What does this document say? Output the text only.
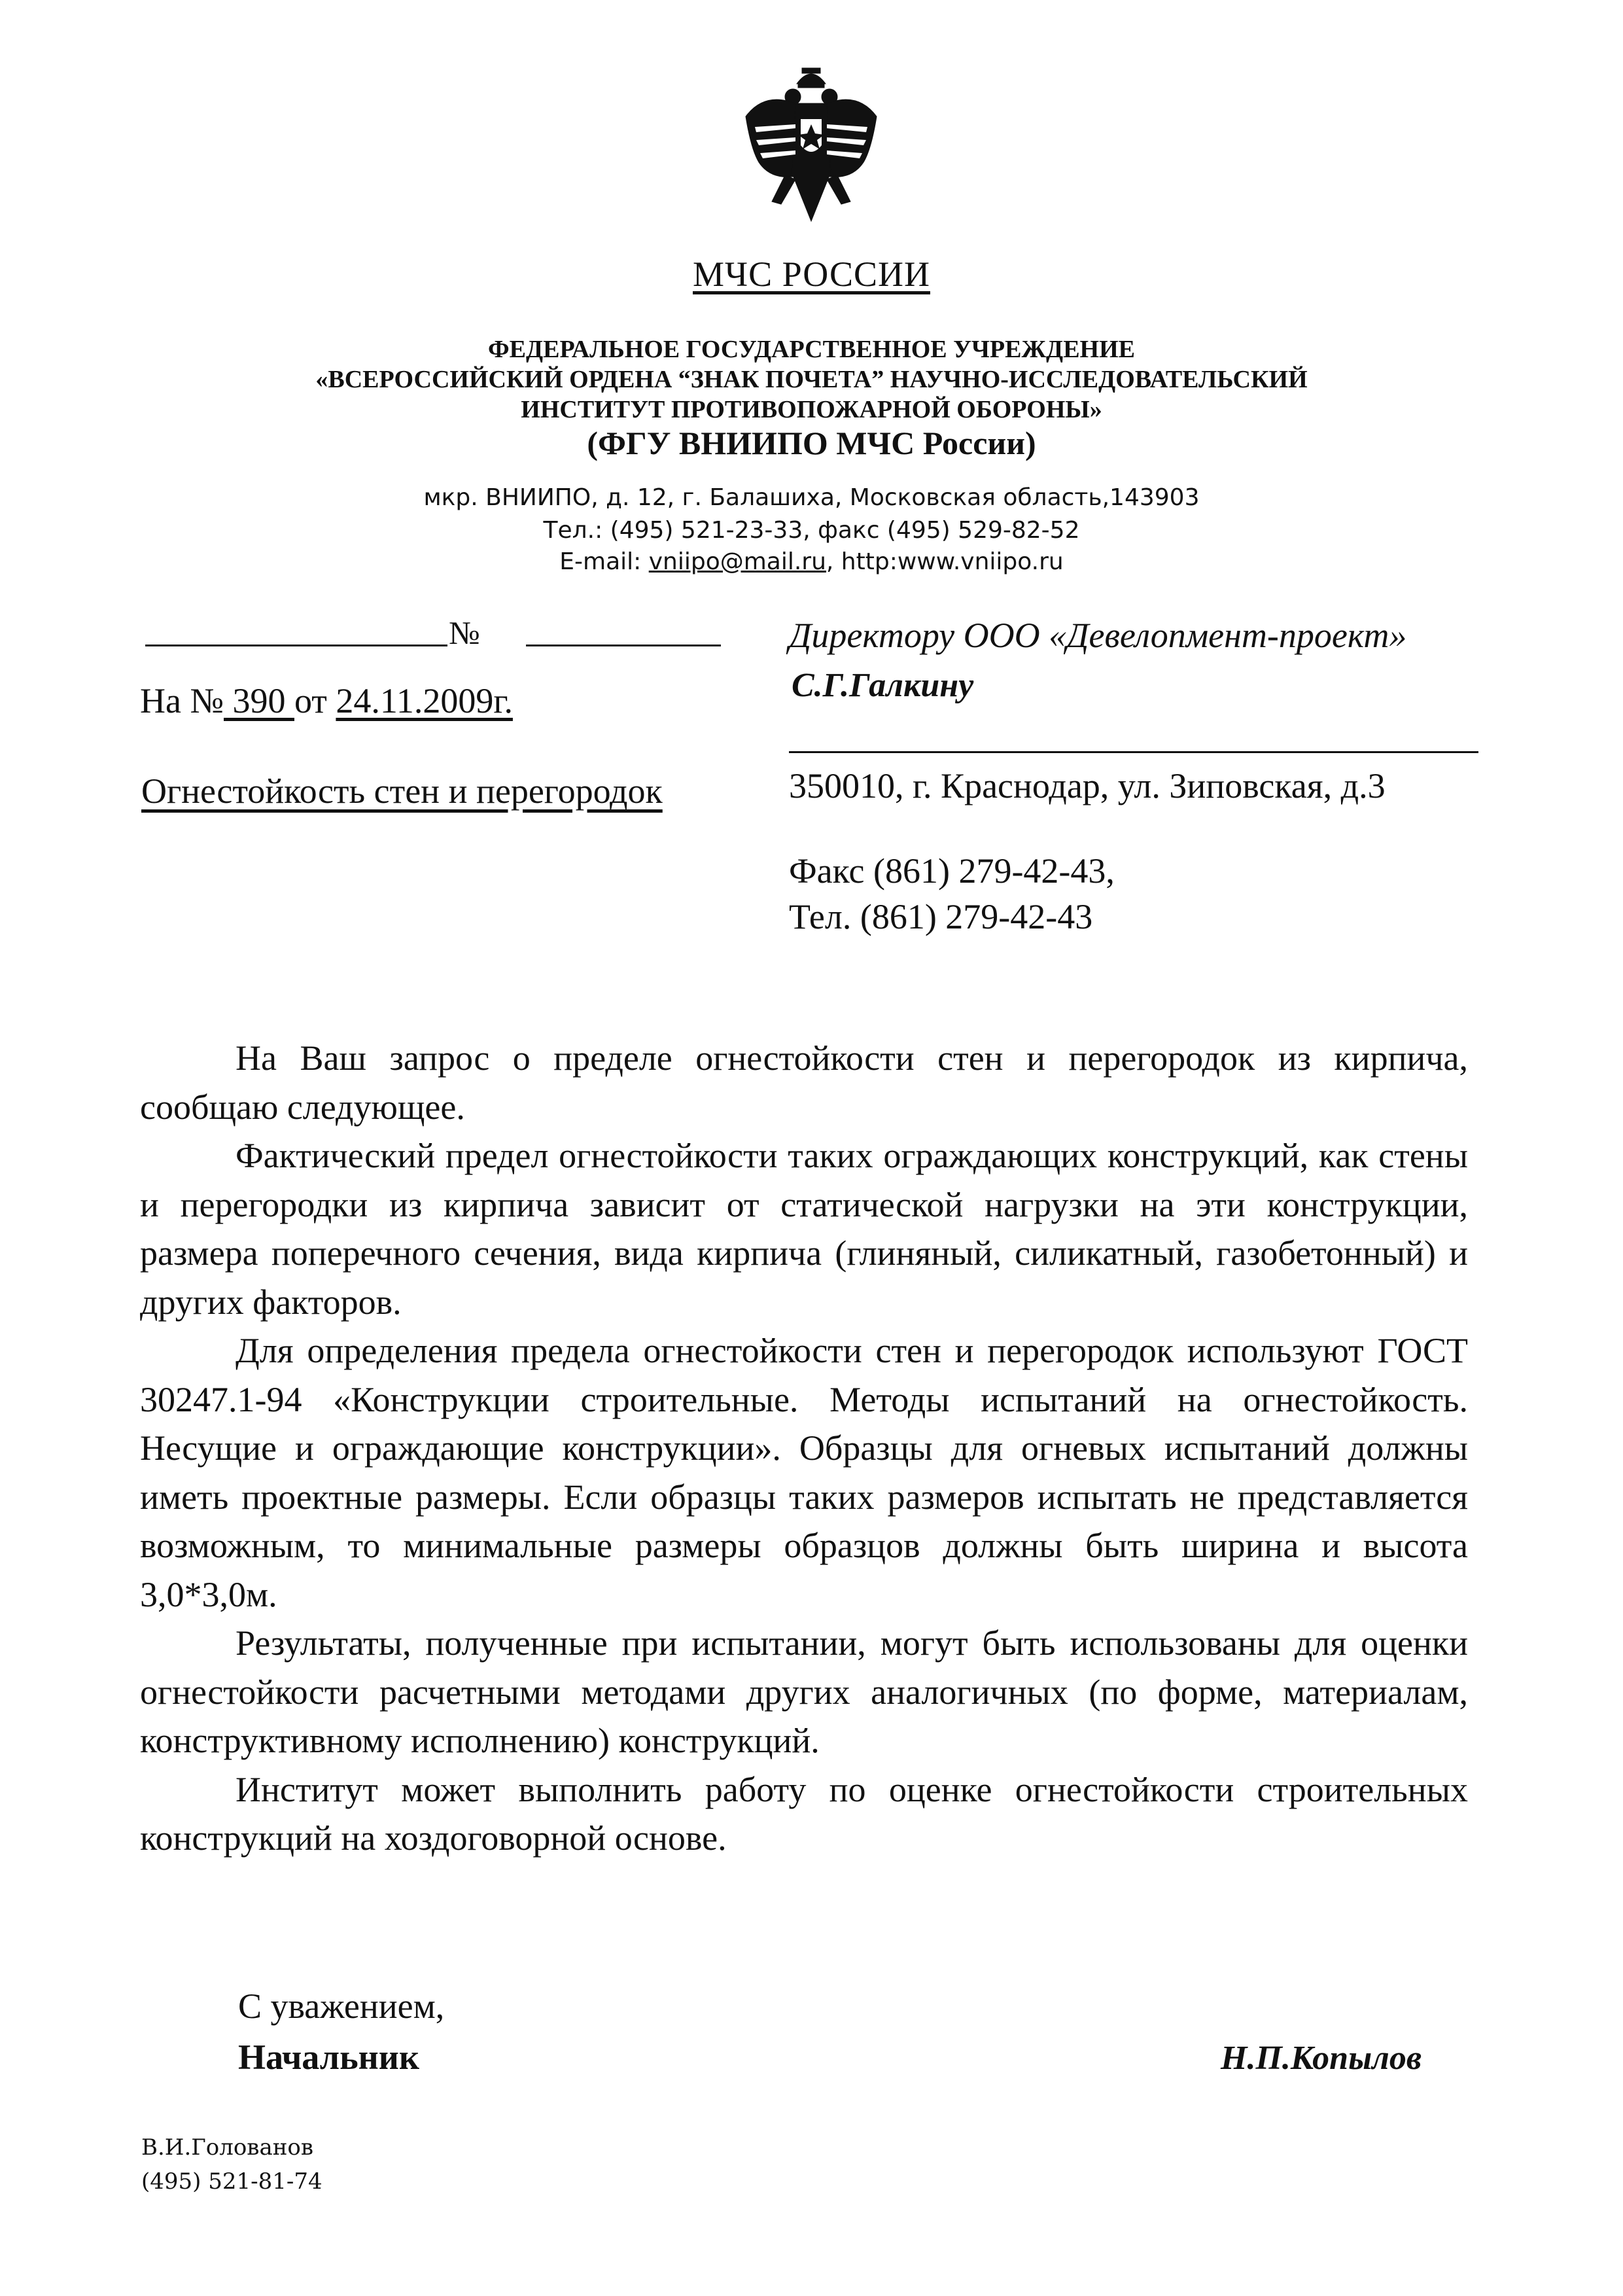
МЧС РОССИИ
ФЕДЕРАЛЬНОЕ ГОСУДАРСТВЕННОЕ УЧРЕЖДЕНИЕ
«ВСЕРОССИЙСКИЙ ОРДЕНА “ЗНАК ПОЧЕТА” НАУЧНО-ИССЛЕДОВАТЕЛЬСКИЙ
ИНСТИТУТ ПРОТИВОПОЖАРНОЙ ОБОРОНЫ»
(ФГУ ВНИИПО МЧС России)
мкр. ВНИИПО, д. 12, г. Балашиха, Московская область,143903
Тел.: (495) 521-23-33, факс (495) 529-82-52
E-mail: vniipo@mail.ru, http:www.vniipo.ru
№
На № 390 от 24.11.2009г.
Огнестойкость стен и перегородок
Директору ООО «Девелопмент-проект»
С.Г.Галкину
350010, г. Краснодар, ул. Зиповская, д.3
Факс (861) 279-42-43,
Тел. (861) 279-42-43

На Ваш запрос о пределе огнестойкости стен и перегородок из кирпича, сообщаю следующее.

Фактический предел огнестойкости таких ограждающих конструкций, как стены и перегородки из кирпича зависит от статической нагрузки на эти конструкции, размера поперечного сечения, вида кирпича (глиняный, силикатный, газобетонный) и других факторов.

Для определения предела огнестойкости стен и перегородок используют ГОСТ 30247.1-94 «Конструкции строительные. Методы испытаний на огнестойкость. Несущие и ограждающие конструкции». Образцы для огневых испытаний должны иметь проектные размеры. Если образцы таких размеров испытать не представляется возможным, то минимальные размеры образцов должны быть ширина и высота 3,0*3,0м.

Результаты, полученные при испытании, могут быть использованы для оценки огнестойкости расчетными методами других аналогичных (по форме, материалам, конструктивному исполнению) конструкций.

Институт может выполнить работу по оценке огнестойкости строительных конструкций на хоздоговорной основе.

С уважением,
Начальник	Н.П.Копылов
В.И.Голованов
(495) 521-81-74
